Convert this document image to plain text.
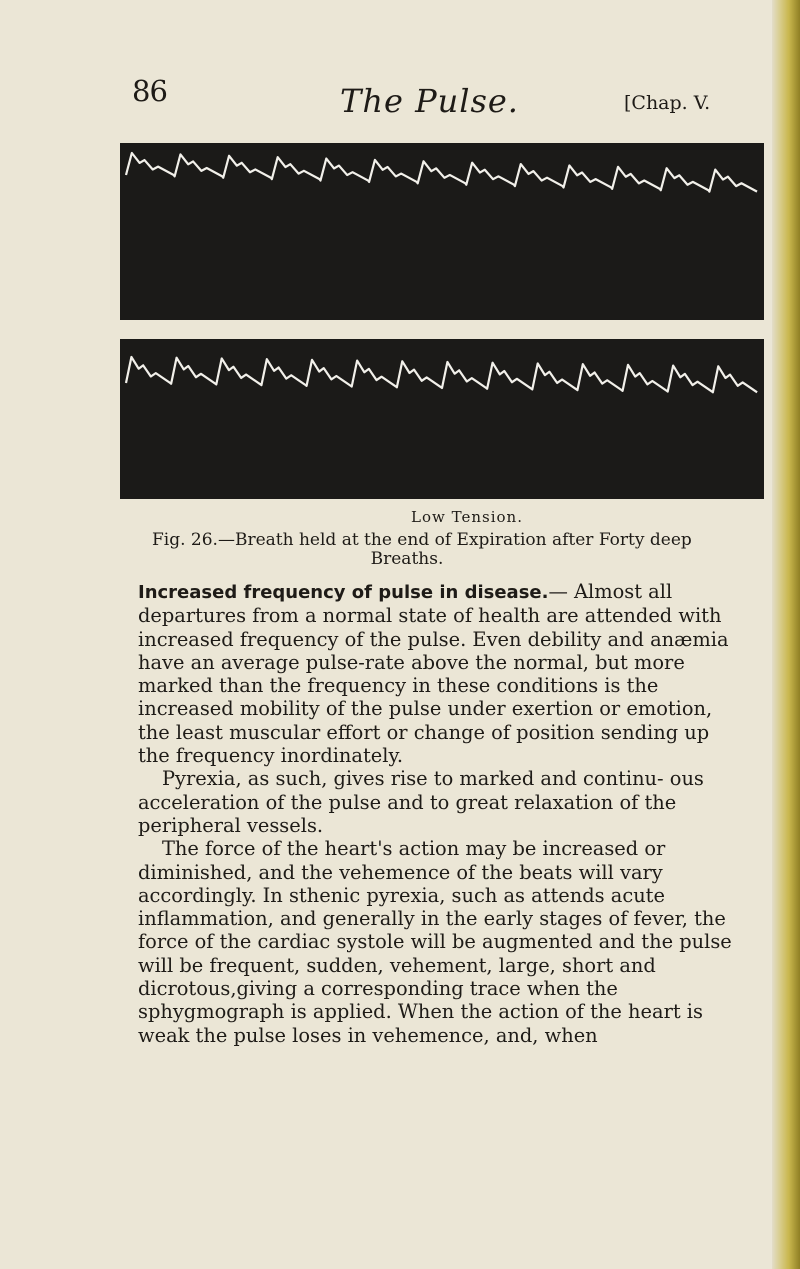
86	The Pulse.	[Chap. V.
Low Tension.
Fig. 26.—Breath held at the end of Expiration after Forty deep
Breaths.

Increased frequency of pulse in disease.— Almost all departures from a normal state of health are attended with increased frequency of the pulse. Even debility and anæmia have an average pulse-rate above the normal, but more marked than the frequency in these conditions is the increased mobility of the pulse under exertion or emotion, the least muscular effort or change of position sending up the frequency inordinately.

Pyrexia, as such, gives rise to marked and continu- ous acceleration of the pulse and to great relaxation of the peripheral vessels.

The force of the heart's action may be increased or diminished, and the vehemence of the beats will vary accordingly. In sthenic pyrexia, such as attends acute inflammation, and generally in the early stages of fever, the force of the cardiac systole will be augmented and the pulse will be frequent, sudden, vehement, large, short and dicrotous,giving a corresponding trace when the sphygmograph is applied. When the action of the heart is weak the pulse loses in vehemence, and, when
